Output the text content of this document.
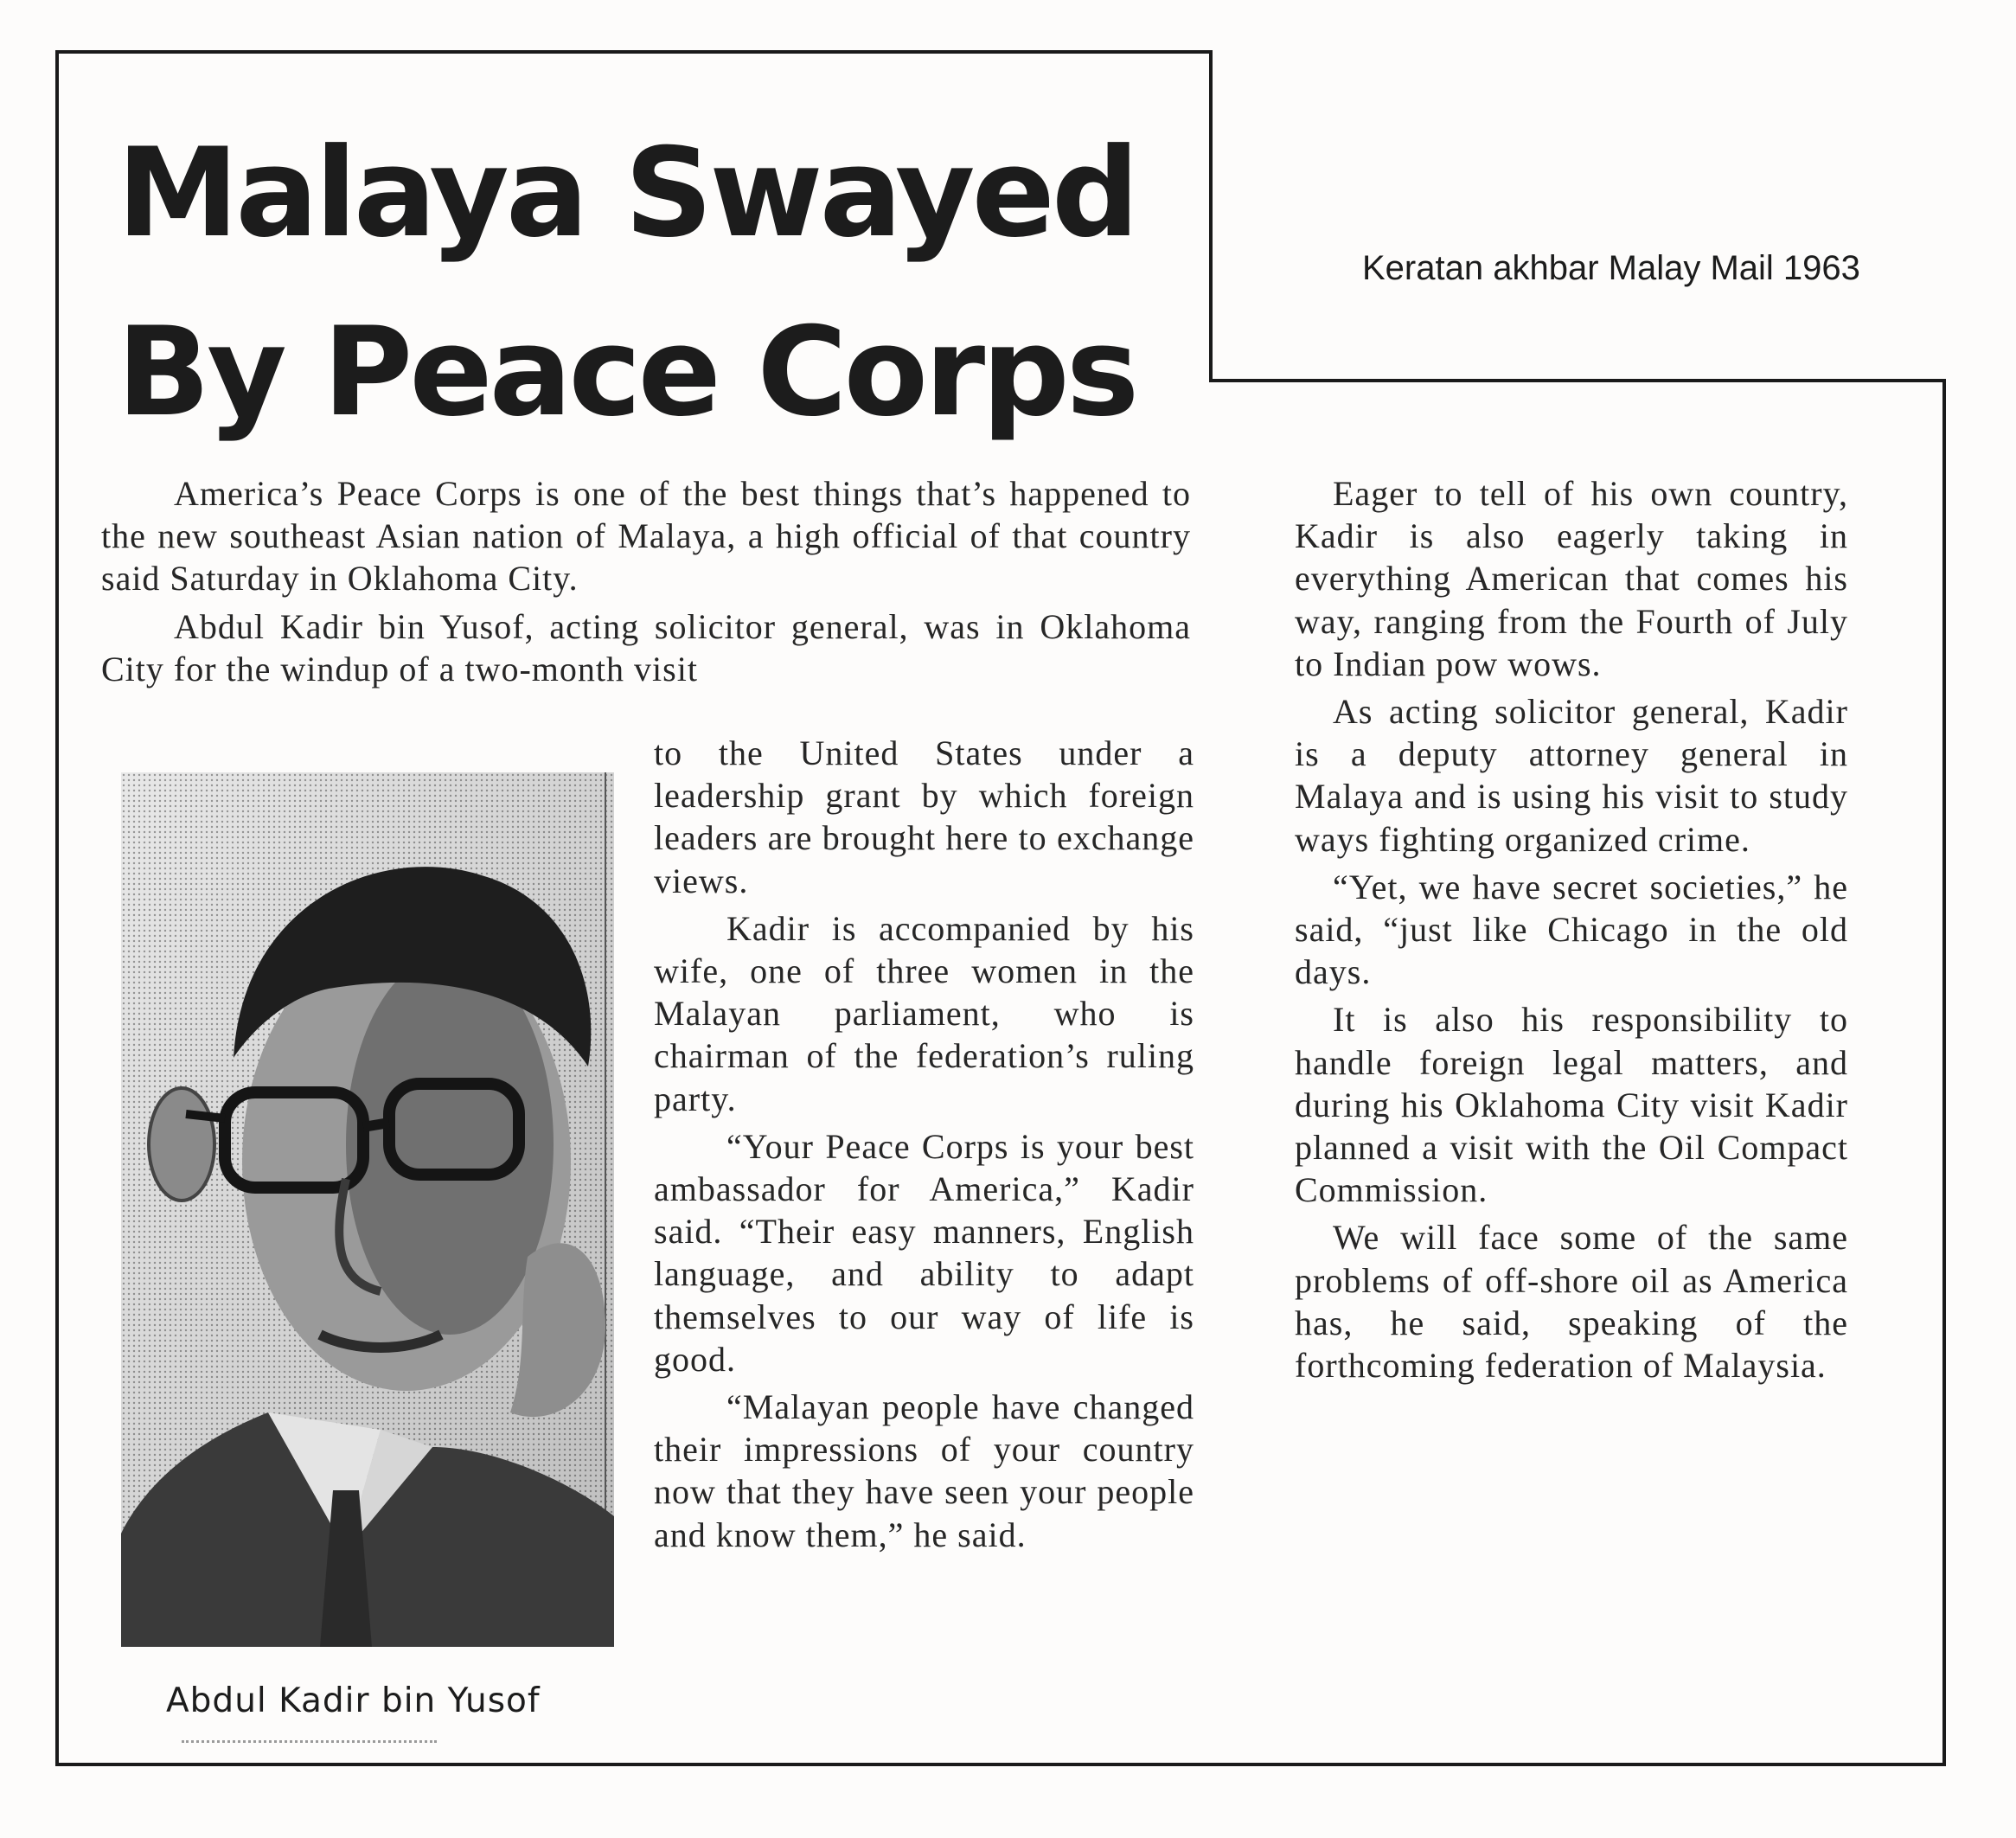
Malaya Swayed
By Peace Corps
Keratan akhbar Malay Mail 1963

America’s Peace Corps is one of the best things that’s happened to the new southeast Asian nation of Malaya, a high official of that country said Saturday in Oklahoma City.

Abdul Kadir bin Yusof, acting solicitor general, was in Oklahoma City for the windup of a two-month visit

Abdul Kadir bin Yusof

to the United States under a leadership grant by which foreign leaders are brought here to exchange views.

Kadir is accompanied by his wife, one of three women in the Malayan parliament, who is chairman of the federation’s ruling party.

“Your Peace Corps is your best ambassador for America,” Kadir said. “Their easy manners, English language, and ability to adapt themselves to our way of life is good.

“Malayan people have changed their impressions of your country now that they have seen your people and know them,” he said.

Eager to tell of his own country, Kadir is also eagerly taking in everything American that comes his way, ranging from the Fourth of July to Indian pow wows.

As acting solicitor general, Kadir is a deputy attorney general in Malaya and is using his visit to study ways fighting organized crime.

“Yet, we have secret societies,” he said, “just like Chicago in the old days.

It is also his responsibility to handle foreign legal matters, and during his Oklahoma City visit Kadir planned a visit with the Oil Compact Commission.

We will face some of the same problems of off-shore oil as America has, he said, speaking of the forthcoming federation of Malaysia.
